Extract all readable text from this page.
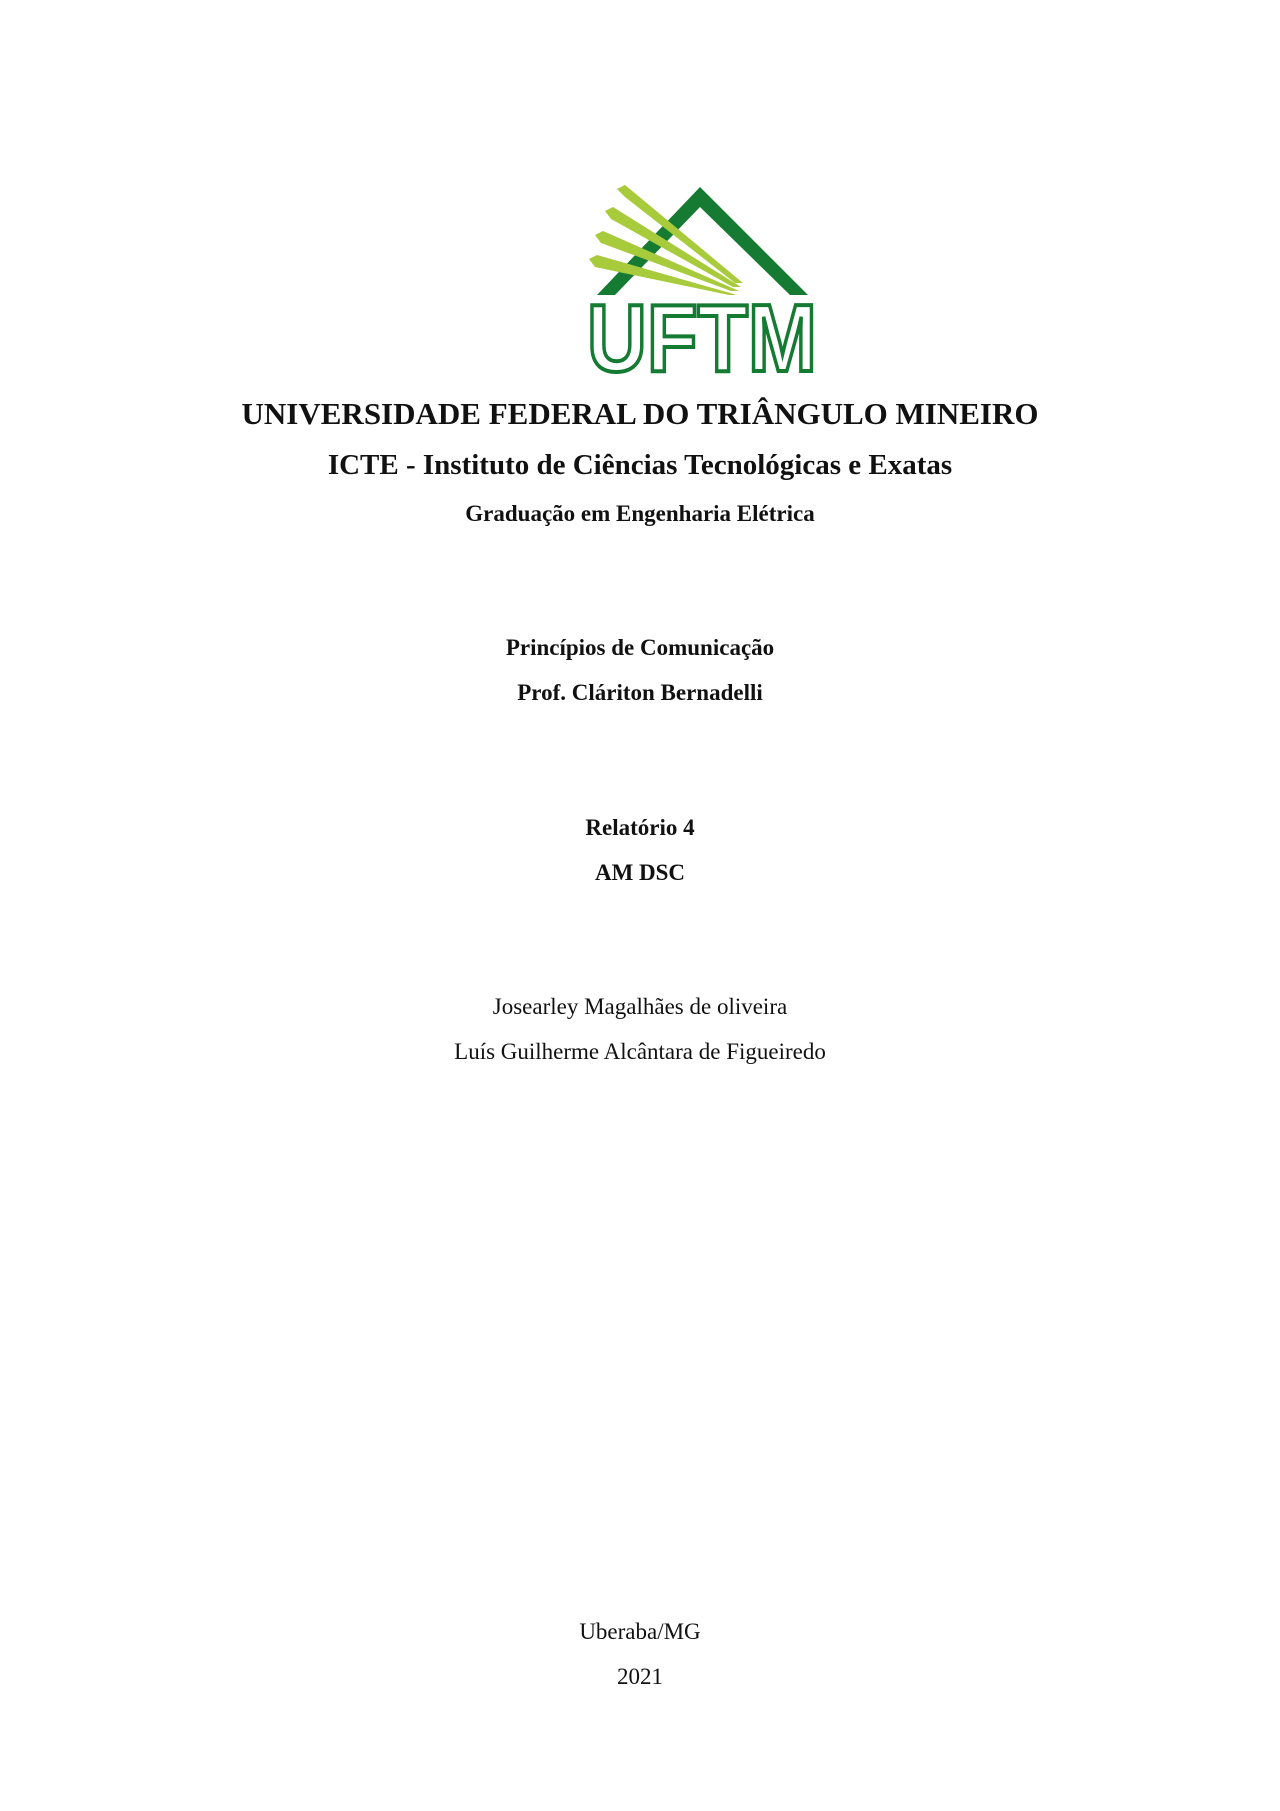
UFTM
UNIVERSIDADE FEDERAL DO TRIÂNGULO MINEIRO
ICTE - Instituto de Ciências Tecnológicas e Exatas
Graduação em Engenharia Elétrica
Princípios de Comunicação
Prof. Cláriton Bernadelli
Relatório 4
AM DSC
Josearley Magalhães de oliveira
Luís Guilherme Alcântara de Figueiredo
Uberaba/MG
2021
